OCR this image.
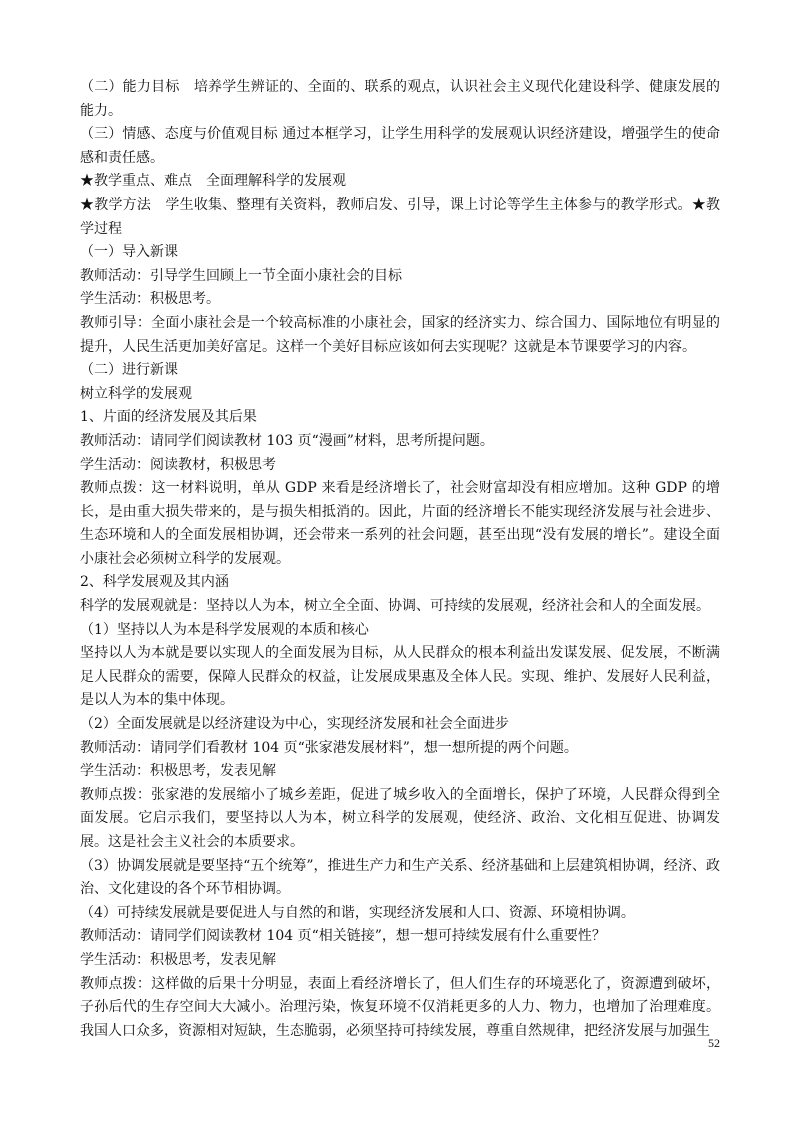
（二）能力目标　培养学生辨证的、全面的、联系的观点，认识社会主义现代化建设科学、健康发展的能力。

（三）情感、态度与价值观目标 通过本框学习，让学生用科学的发展观认识经济建设，增强学生的使命感和责任感。

★教学重点、难点　全面理解科学的发展观

★教学方法　学生收集、整理有关资料，教师启发、引导，课上讨论等学生主体参与的教学形式。★教学过程

（一）导入新课

教师活动：引导学生回顾上一节全面小康社会的目标

学生活动：积极思考。

教师引导：全面小康社会是一个较高标准的小康社会，国家的经济实力、综合国力、国际地位有明显的提升，人民生活更加美好富足。这样一个美好目标应该如何去实现呢？这就是本节课要学习的内容。

（二）进行新课

树立科学的发展观

1、片面的经济发展及其后果

教师活动：请同学们阅读教材 103 页“漫画”材料，思考所提问题。

学生活动：阅读教材，积极思考

教师点拨：这一材料说明，单从 GDP 来看是经济增长了，社会财富却没有相应增加。这种 GDP 的增长，是由重大损失带来的，是与损失相抵消的。因此，片面的经济增长不能实现经济发展与社会进步、生态环境和人的全面发展相协调，还会带来一系列的社会问题，甚至出现“没有发展的增长”。建设全面小康社会必须树立科学的发展观。

2、科学发展观及其内涵

科学的发展观就是：坚持以人为本，树立全全面、协调、可持续的发展观，经济社会和人的全面发展。

（1）坚持以人为本是科学发展观的本质和核心

坚持以人为本就是要以实现人的全面发展为目标，从人民群众的根本利益出发谋发展、促发展，不断满足人民群众的需要，保障人民群众的权益，让发展成果惠及全体人民。实现、维护、发展好人民利益，是以人为本的集中体现。

（2）全面发展就是以经济建设为中心，实现经济发展和社会全面进步

教师活动：请同学们看教材 104 页“张家港发展材料”，想一想所提的两个问题。

学生活动：积极思考，发表见解

教师点拨：张家港的发展缩小了城乡差距，促进了城乡收入的全面增长，保护了环境，人民群众得到全面发展。它启示我们，要坚持以人为本，树立科学的发展观，使经济、政治、文化相互促进、协调发展。这是社会主义社会的本质要求。

（3）协调发展就是要坚持“五个统筹”，推进生产力和生产关系、经济基础和上层建筑相协调，经济、政治、文化建设的各个环节相协调。

（4）可持续发展就是要促进人与自然的和谐，实现经济发展和人口、资源、环境相协调。

教师活动：请同学们阅读教材 104 页“相关链接”，想一想可持续发展有什么重要性？

学生活动：积极思考，发表见解

教师点拨：这样做的后果十分明显，表面上看经济增长了，但人们生存的环境恶化了，资源遭到破坏，子孙后代的生存空间大大减小。治理污染，恢复环境不仅消耗更多的人力、物力，也增加了治理难度。我国人口众多，资源相对短缺，生态脆弱，必须坚持可持续发展，尊重自然规律，把经济发展与加强生

52
